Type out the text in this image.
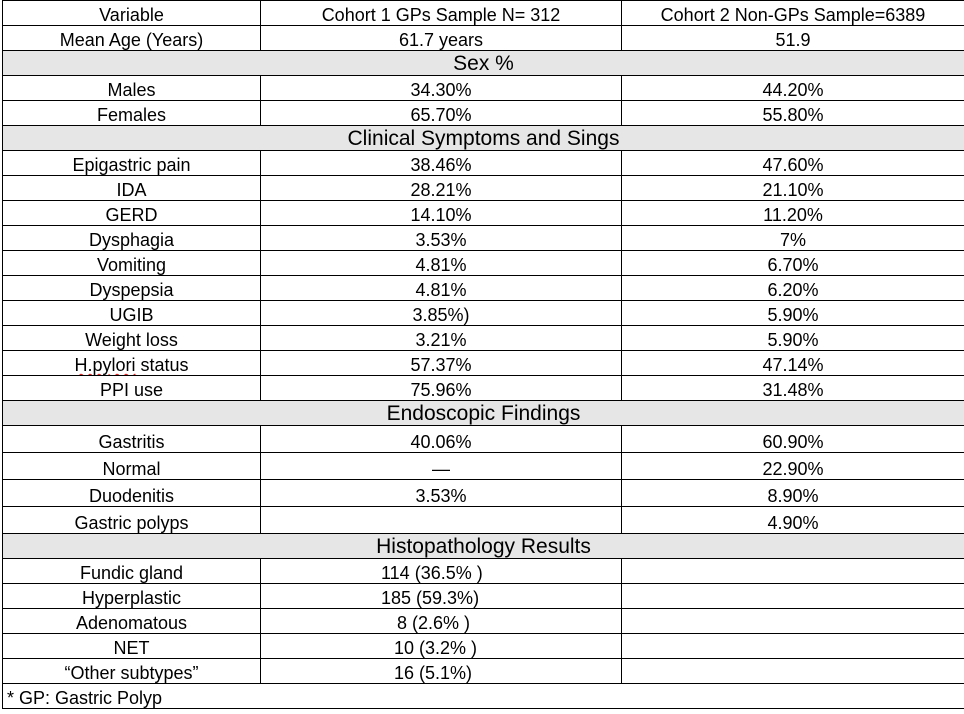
Variable	Cohort 1 GPs Sample N= 312	Cohort 2 Non-GPs Sample=6389
Mean Age (Years)	61.7 years	51.9
Sex %		
Males	34.30%	44.20%
Females	65.70%	55.80%
Clinical Symptoms and Sings		
Epigastric pain	38.46%	47.60%
IDA	28.21%	21.10%
GERD	14.10%	11.20%
Dysphagia	3.53%	7%
Vomiting	4.81%	6.70%
Dyspepsia	4.81%	6.20%
UGIB	3.85%)	5.90%
Weight loss	3.21%	5.90%
H.pylori status	57.37%	47.14%
PPI use	75.96%	31.48%
Endoscopic Findings		
Gastritis	40.06%	60.90%
Normal	—	22.90%
Duodenitis	3.53%	8.90%
Gastric polyps		4.90%
Histopathology Results		
Fundic gland	114 (36.5% )	
Hyperplastic	185 (59.3%)	
Adenomatous	8 (2.6% )	
NET	10 (3.2% )	
“Other subtypes”	16 (5.1%)	
* GP: Gastric Polyp		
